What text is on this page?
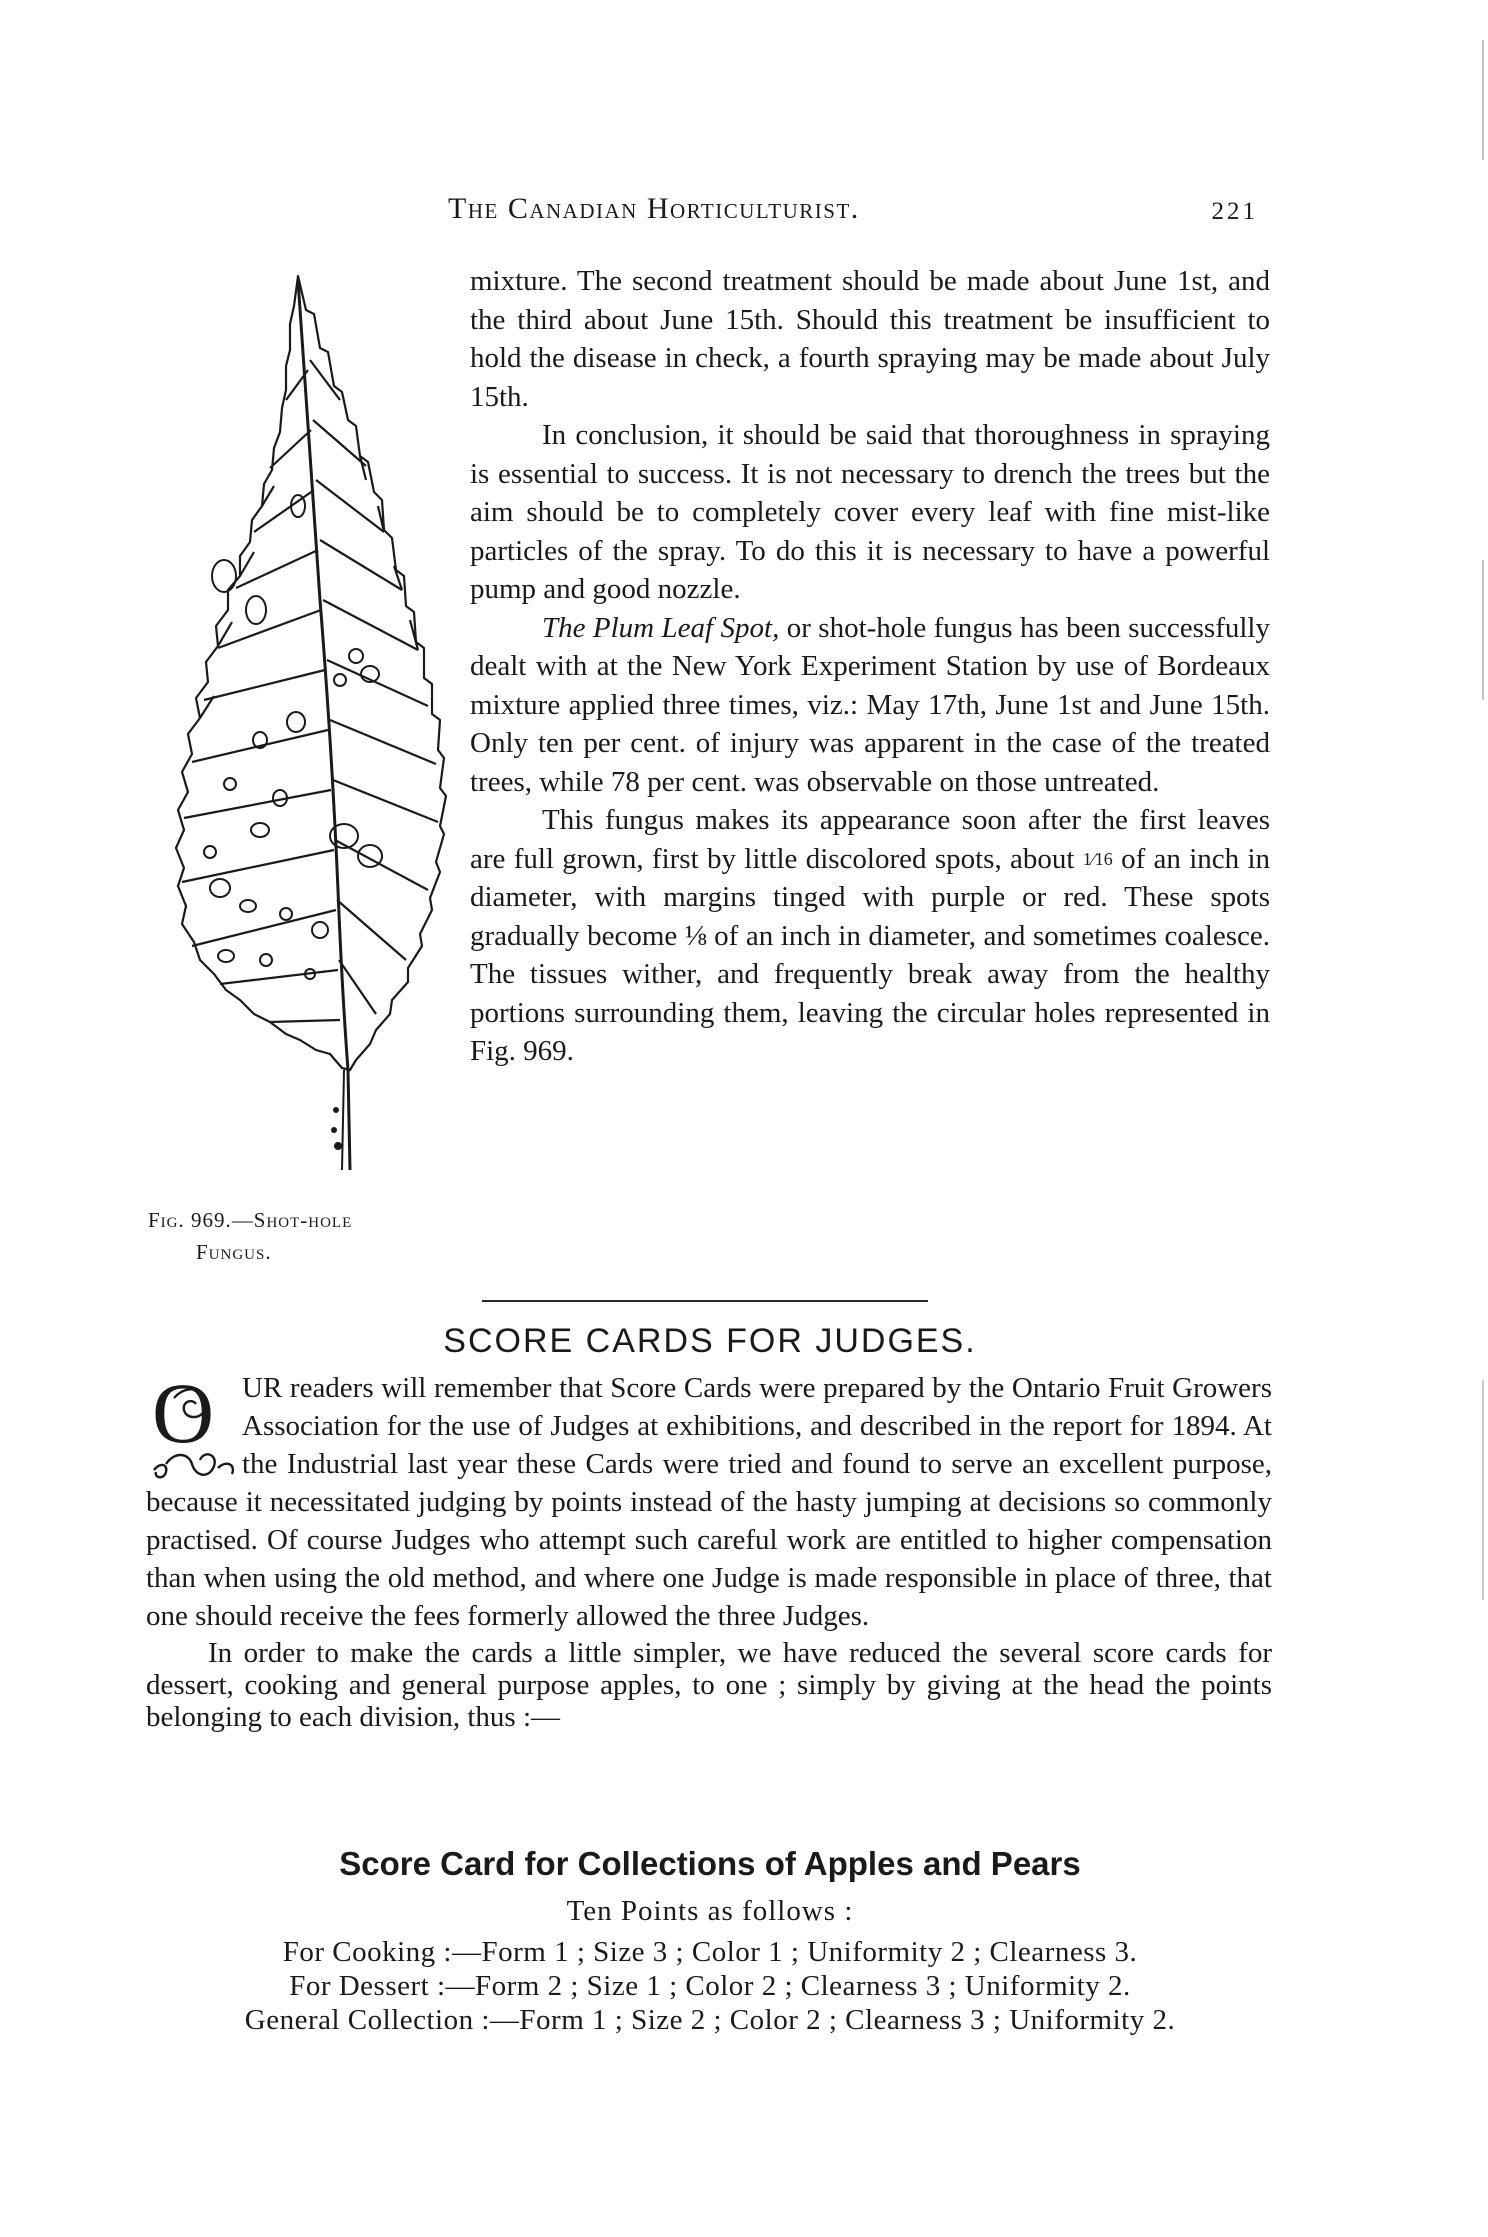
The Canadian Horticulturist.	221
Fig. 969.—Shot-hole
Fungus.

mixture. The second treatment should be made about June 1st, and the third about June 15th. Should this treatment be insufficient to hold the disease in check, a fourth spraying may be made about July 15th.

In conclusion, it should be said that thoroughness in spraying is essential to success. It is not necessary to drench the trees but the aim should be to completely cover every leaf with fine mist-like particles of the spray. To do this it is necessary to have a powerful pump and good nozzle.

The Plum Leaf Spot, or shot-hole fungus has been successfully dealt with at the New York Experiment Station by use of Bordeaux mixture applied three times, viz.: May 17th, June 1st and June 15th. Only ten per cent. of injury was apparent in the case of the treated trees, while 78 per cent. was observable on those untreated.

This fungus makes its appearance soon after the first leaves are full grown, first by little discolored spots, about 1⁄16 of an inch in diameter, with margins tinged with purple or red. These spots gradually become ⅛ of an inch in diameter, and sometimes coalesce. The tissues wither, and frequently break away from the healthy portions surrounding them, leaving the circular holes represented in Fig. 969.

SCORE CARDS FOR JUDGES.
O UR readers will remember that Score Cards were prepared by the Ontario Fruit Growers Association for the use of Judges at exhibitions, and described in the report for 1894. At the Industrial last year these Cards were tried and found to serve an excellent purpose, because it necessitated judging by points instead of the hasty jumping at decisions so commonly practised. Of course Judges who attempt such careful work are entitled to higher compensation than when using the old method, and where one Judge is made responsible in place of three, that one should receive the fees formerly allowed the three Judges.

In order to make the cards a little simpler, we have reduced the several score cards for dessert, cooking and general purpose apples, to one ; simply by giving at the head the points belonging to each division, thus :—

Score Card for Collections of Apples and Pears
Ten Points as follows :
For Cooking :—Form 1 ; Size 3 ; Color 1 ; Uniformity 2 ; Clearness 3.
For Dessert :—Form 2 ; Size 1 ; Color 2 ; Clearness 3 ; Uniformity 2.
General Collection :—Form 1 ; Size 2 ; Color 2 ; Clearness 3 ; Uniformity 2.
